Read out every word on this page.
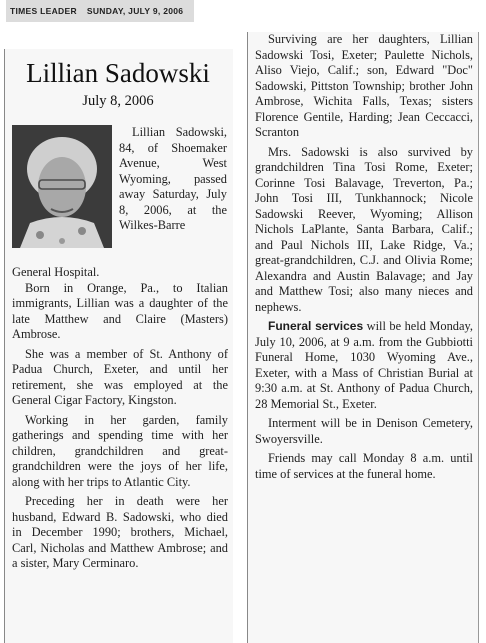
TIMES LEADER SUNDAY, JULY 9, 2006
Lillian Sadowski
July 8, 2006

Lillian Sadowski, 84, of Shoemaker Avenue, West Wyoming, passed away Saturday, July 8, 2006, at the Wilkes-Barre

General Hospital.

Born in Orange, Pa., to Italian immigrants, Lillian was a daughter of the late Matthew and Claire (Masters) Ambrose.

She was a member of St. Anthony of Padua Church, Exeter, and until her retirement, she was employed at the General Cigar Factory, Kingston.

Working in her garden, family gatherings and spending time with her children, grandchildren and great-grandchildren were the joys of her life, along with her trips to Atlantic City.

Preceding her in death were her husband, Edward B. Sadowski, who died in December 1990; brothers, Michael, Carl, Nicholas and Matthew Ambrose; and a sister, Mary Cerminaro.

Surviving are her daughters, Lillian Sadowski Tosi, Exeter; Paulette Nichols, Aliso Viejo, Calif.; son, Edward "Doc" Sadowski, Pittston Township; brother John Ambrose, Wichita Falls, Texas; sisters Florence Gentile, Harding; Jean Ceccacci, Scranton

Mrs. Sadowski is also survived by grandchildren Tina Tosi Rome, Exeter; Corinne Tosi Balavage, Treverton, Pa.; John Tosi III, Tunkhannock; Nicole Sadowski Reever, Wyoming; Allison Nichols LaPlante, Santa Barbara, Calif.; and Paul Nichols III, Lake Ridge, Va.; great-grandchildren, C.J. and Olivia Rome; Alexandra and Austin Balavage; and Jay and Matthew Tosi; also many nieces and nephews.

Funeral services will be held Monday, July 10, 2006, at 9 a.m. from the Gubbiotti Funeral Home, 1030 Wyoming Ave., Exeter, with a Mass of Christian Burial at 9:30 a.m. at St. Anthony of Padua Church, 28 Memorial St., Exeter.

Interment will be in Denison Cemetery, Swoyersville.

Friends may call Monday 8 a.m. until time of services at the funeral home.
